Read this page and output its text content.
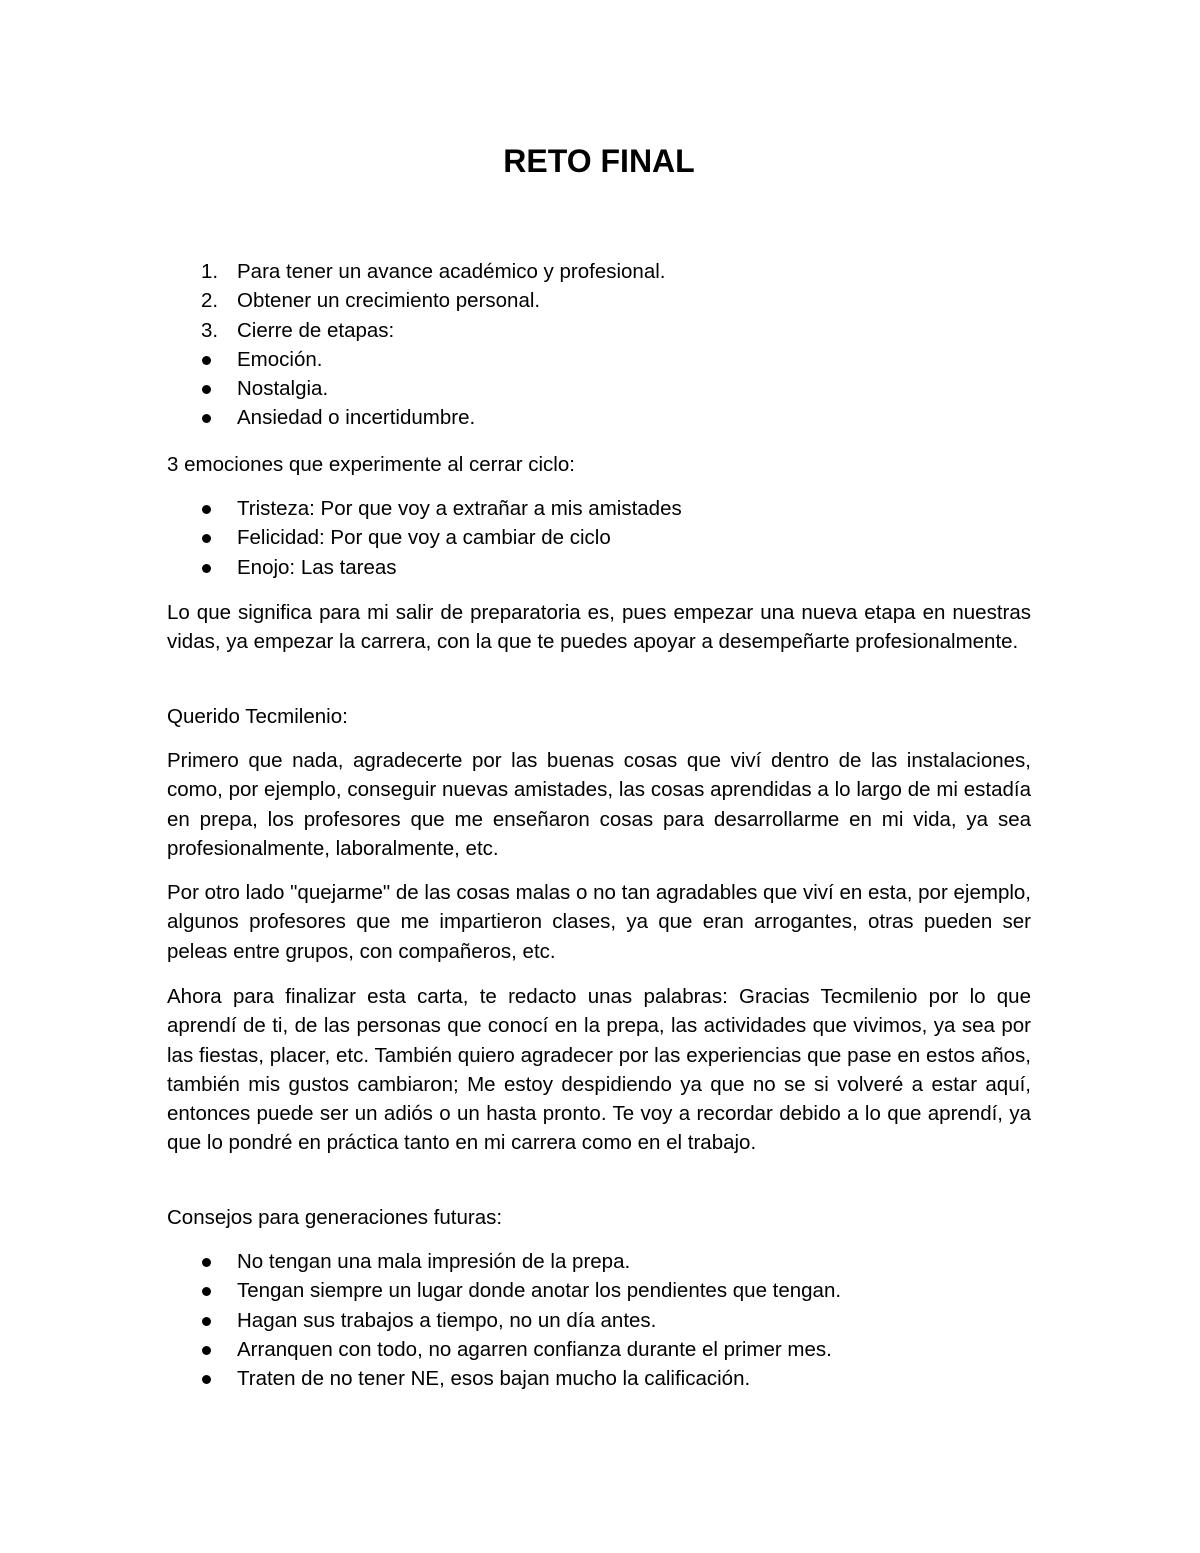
RETO FINAL
1. Para tener un avance académico y profesional.
2. Obtener un crecimiento personal.
3. Cierre de etapas:
Emoción.
Nostalgia.
Ansiedad o incertidumbre.

3 emociones que experimente al cerrar ciclo:

Tristeza: Por que voy a extrañar a mis amistades
Felicidad: Por que voy a cambiar de ciclo
Enojo: Las tareas

Lo que significa para mi salir de preparatoria es, pues empezar una nueva etapa en nuestras vidas, ya empezar la carrera, con la que te puedes apoyar a desempeñarte profesionalmente.

Querido Tecmilenio:

Primero que nada, agradecerte por las buenas cosas que viví dentro de las instalaciones, como, por ejemplo, conseguir nuevas amistades, las cosas aprendidas a lo largo de mi estadía en prepa, los profesores que me enseñaron cosas para desarrollarme en mi vida, ya sea profesionalmente, laboralmente, etc.

Por otro lado "quejarme" de las cosas malas o no tan agradables que viví en esta, por ejemplo, algunos profesores que me impartieron clases, ya que eran arrogantes, otras pueden ser peleas entre grupos, con compañeros, etc.

Ahora para finalizar esta carta, te redacto unas palabras: Gracias Tecmilenio por lo que aprendí de ti, de las personas que conocí en la prepa, las actividades que vivimos, ya sea por las fiestas, placer, etc. También quiero agradecer por las experiencias que pase en estos años, también mis gustos cambiaron; Me estoy despidiendo ya que no se si volveré a estar aquí, entonces puede ser un adiós o un hasta pronto. Te voy a recordar debido a lo que aprendí, ya que lo pondré en práctica tanto en mi carrera como en el trabajo.

Consejos para generaciones futuras:

No tengan una mala impresión de la prepa.
Tengan siempre un lugar donde anotar los pendientes que tengan.
Hagan sus trabajos a tiempo, no un día antes.
Arranquen con todo, no agarren confianza durante el primer mes.
Traten de no tener NE, esos bajan mucho la calificación.
